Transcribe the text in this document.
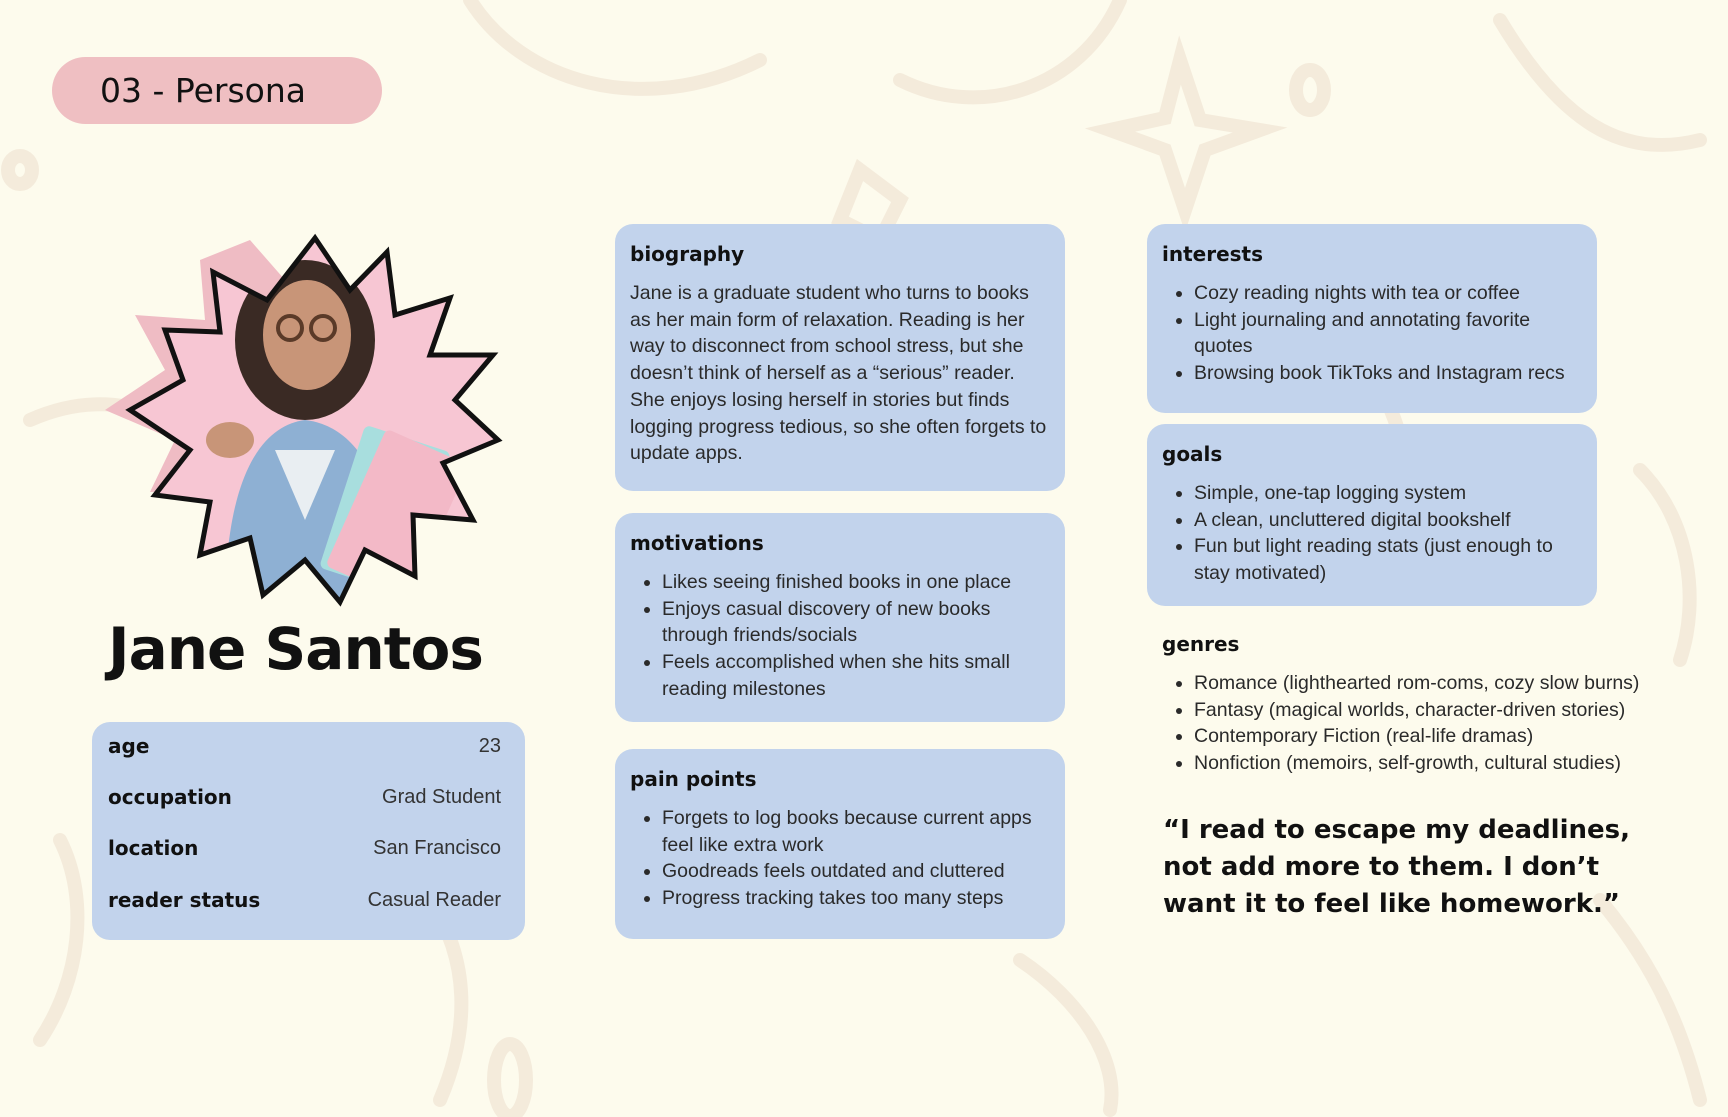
03 - Persona
Jane Santos
age	23
occupation	Grad Student
location	San Francisco
reader status	Casual Reader
biography

Jane is a graduate student who turns to books as her main form of relaxation. Reading is her way to disconnect from school stress, but she doesn’t think of herself as a “serious” reader. She enjoys losing herself in stories but finds logging progress tedious, so she often forgets to update apps.

motivations
• Likes seeing finished books in one place
• Enjoys casual discovery of new books through friends/socials
• Feels accomplished when she hits small reading milestones
pain points
• Forgets to log books because current apps feel like extra work
• Goodreads feels outdated and cluttered
• Progress tracking takes too many steps
interests
• Cozy reading nights with tea or coffee
• Light journaling and annotating favorite quotes
• Browsing book TikToks and Instagram recs
goals
• Simple, one-tap logging system
• A clean, uncluttered digital bookshelf
• Fun but light reading stats (just enough to stay motivated)
genres
• Romance (lighthearted rom-coms, cozy slow burns)
• Fantasy (magical worlds, character-driven stories)
• Contemporary Fiction (real-life dramas)
• Nonfiction (memoirs, self-growth, cultural studies)
“I read to escape my deadlines, not add more to them. I don’t want it to feel like homework.”
